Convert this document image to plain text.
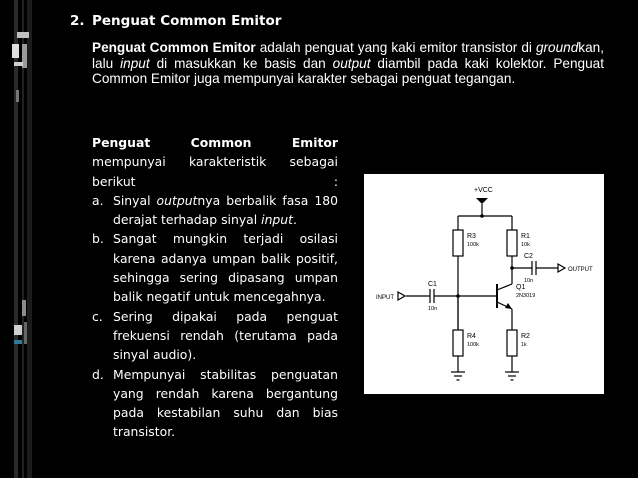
2. Penguat Common Emitor
Penguat Common Emitor adalah penguat yang kaki emitor transistor di groundkan, lalu input di masukkan ke basis dan output diambil pada kaki kolektor. Penguat Common Emitor juga mempunyai karakter sebagai penguat tegangan.
Penguat Common Emitor mempunyai karakteristik sebagai berikut :
a. Sinyal outputnya berbalik fasa 180 derajat terhadap sinyal input.
b. Sangat mungkin terjadi osilasi karena adanya umpan balik positif, sehingga sering dipasang umpan balik negatif untuk mencegahnya.
c. Sering dipakai pada penguat frekuensi rendah (terutama pada sinyal audio).
d. Mempunyai stabilitas penguatan yang rendah karena bergantung pada kestabilan suhu dan bias transistor.
+VCC
R3
100k
R1
10k
C2
10n
OUTPUT
Q1
2N3019
C1
10n
INPUT
R4
100k
R2
1k
